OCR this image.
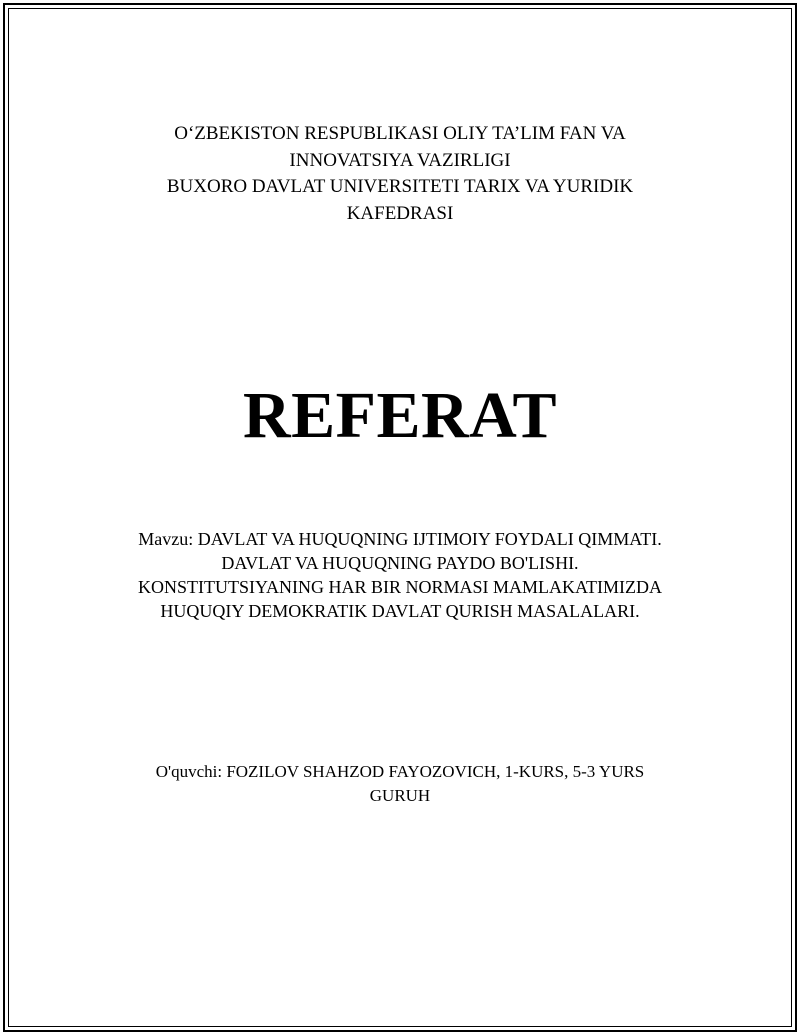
O‘ZBEKISTON RESPUBLIKASI OLIY TA’LIM FAN VA
INNOVATSIYA VAZIRLIGI
BUXORO DAVLAT UNIVERSITETI TARIX VA YURIDIK
KAFEDRASI
REFERAT
Mavzu: DAVLAT VA HUQUQNING IJTIMOIY FOYDALI QIMMATI.
DAVLAT VA HUQUQNING PAYDO BO'LISHI.
KONSTITUTSIYANING HAR BIR NORMASI MAMLAKATIMIZDA
HUQUQIY DEMOKRATIK DAVLAT QURISH MASALALARI.
O'quvchi: FOZILOV SHAHZOD FAYOZOVICH, 1-KURS, 5-3 YURS
GURUH
